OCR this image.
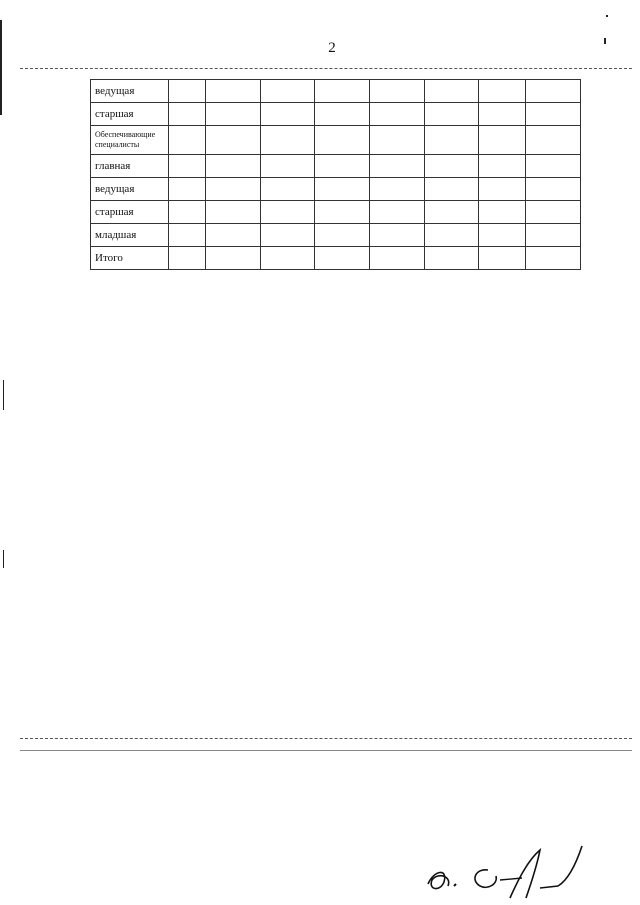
2
ведущая								
старшая								
Обеспечивающие специалисты								
главная								
ведущая								
старшая								
младшая								
Итого								
